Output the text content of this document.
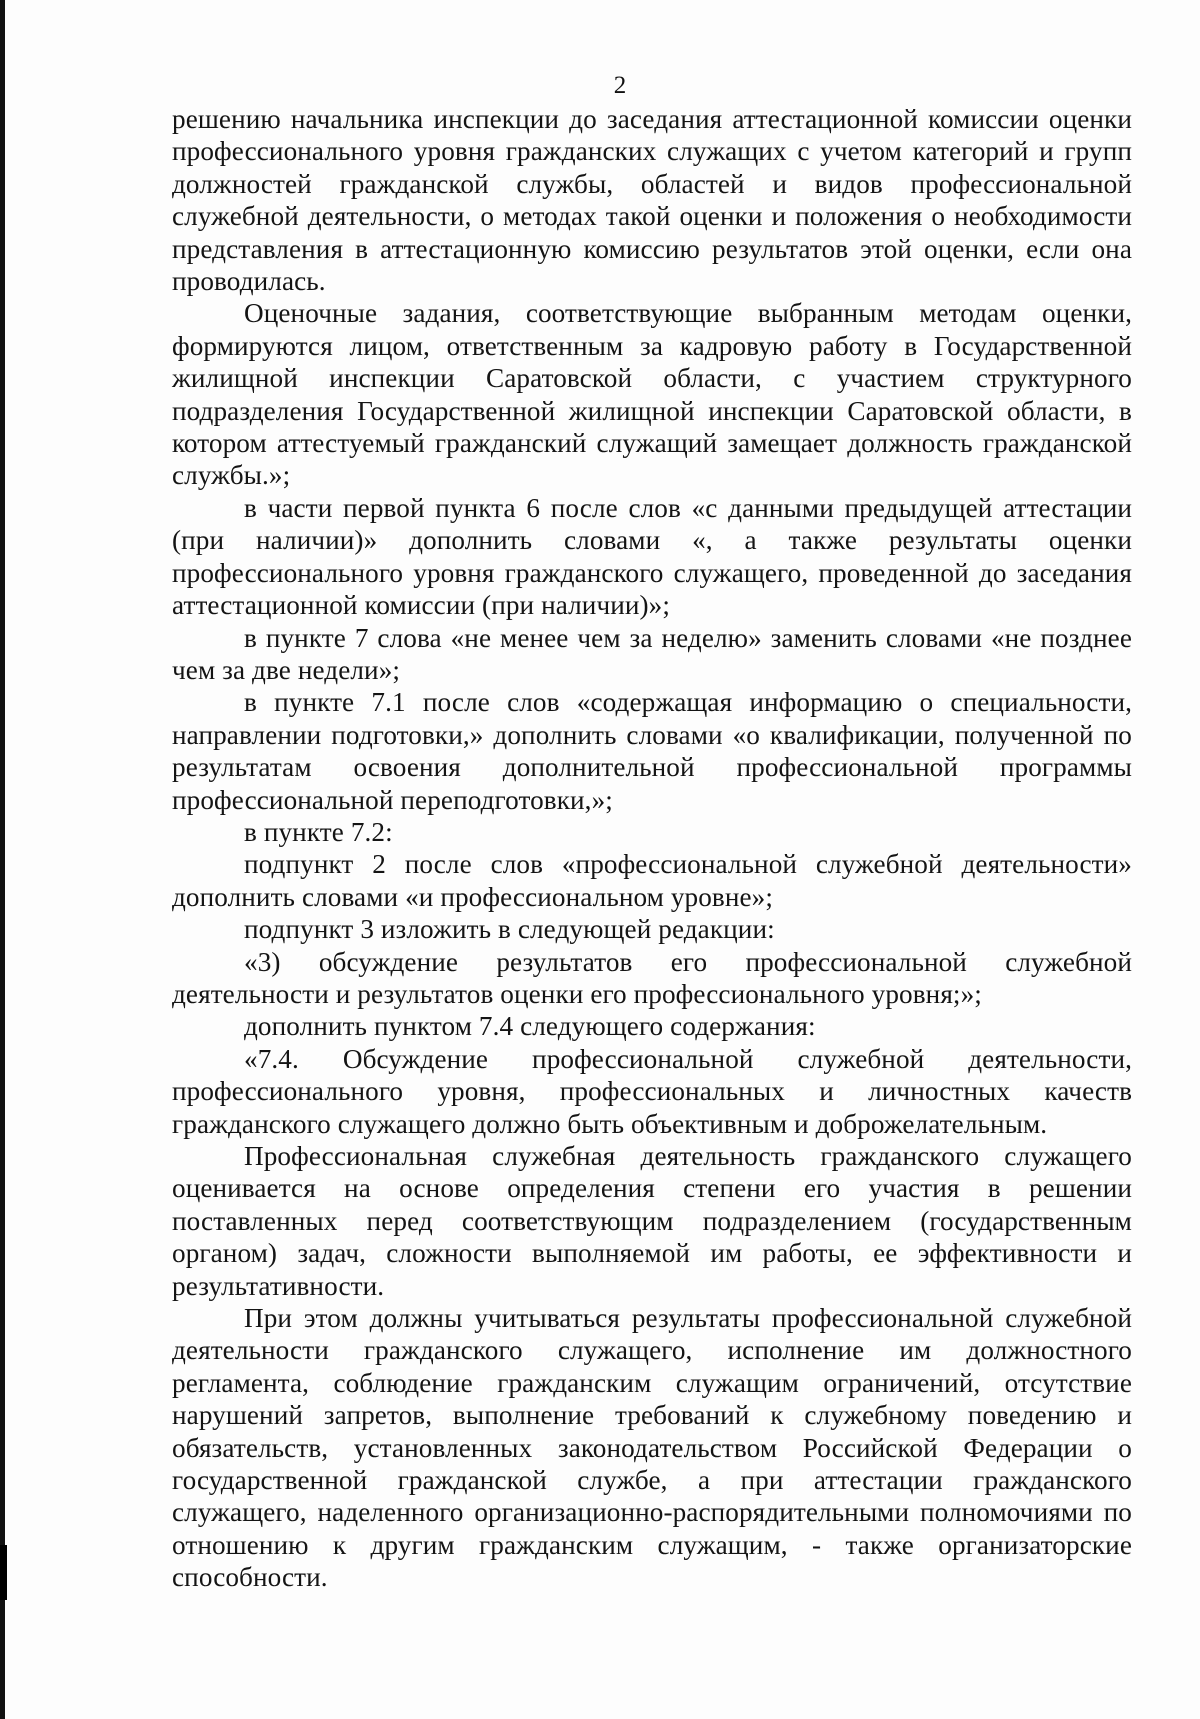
2

решению начальника инспекции до заседания аттестационной комиссии оценки профессионального уровня гражданских служащих с учетом категорий и групп должностей гражданской службы, областей и видов профессиональной служебной деятельности, о методах такой оценки и положения о необходимости представления в аттестационную комиссию результатов этой оценки, если она проводилась.

Оценочные задания, соответствующие выбранным методам оценки, формируются лицом, ответственным за кадровую работу в Государственной жилищной инспекции Саратовской области, с участием структурного подразделения Государственной жилищной инспекции Саратовской области, в котором аттестуемый гражданский служащий замещает должность гражданской службы.»;

в части первой пункта 6 после слов «с данными предыдущей аттестации (при наличии)» дополнить словами «, а также результаты оценки профессионального уровня гражданского служащего, проведенной до заседания аттестационной комиссии (при наличии)»;

в пункте 7 слова «не менее чем за неделю» заменить словами «не позднее чем за две недели»;

в пункте 7.1 после слов «содержащая информацию о специальности, направлении подготовки,» дополнить словами «о квалификации, полученной по результатам освоения дополнительной профессиональной программы профессиональной переподготовки,»;

в пункте 7.2:

подпункт 2 после слов «профессиональной служебной деятельности» дополнить словами «и профессиональном уровне»;

подпункт 3 изложить в следующей редакции:

«3) обсуждение результатов его профессиональной служебной деятельности и результатов оценки его профессионального уровня;»;

дополнить пунктом 7.4 следующего содержания:

«7.4. Обсуждение профессиональной служебной деятельности, профессионального уровня, профессиональных и личностных качеств гражданского служащего должно быть объективным и доброжелательным.

Профессиональная служебная деятельность гражданского служащего оценивается на основе определения степени его участия в решении поставленных перед соответствующим подразделением (государственным органом) задач, сложности выполняемой им работы, ее эффективности и результативности.

При этом должны учитываться результаты профессиональной служебной деятельности гражданского служащего, исполнение им должностного регламента, соблюдение гражданским служащим ограничений, отсутствие нарушений запретов, выполнение требований к служебному поведению и обязательств, установленных законодательством Российской Федерации о государственной гражданской службе, а при аттестации гражданского служащего, наделенного организационно-распорядительными полномочиями по отношению к другим гражданским служащим, - также организаторские способности.
